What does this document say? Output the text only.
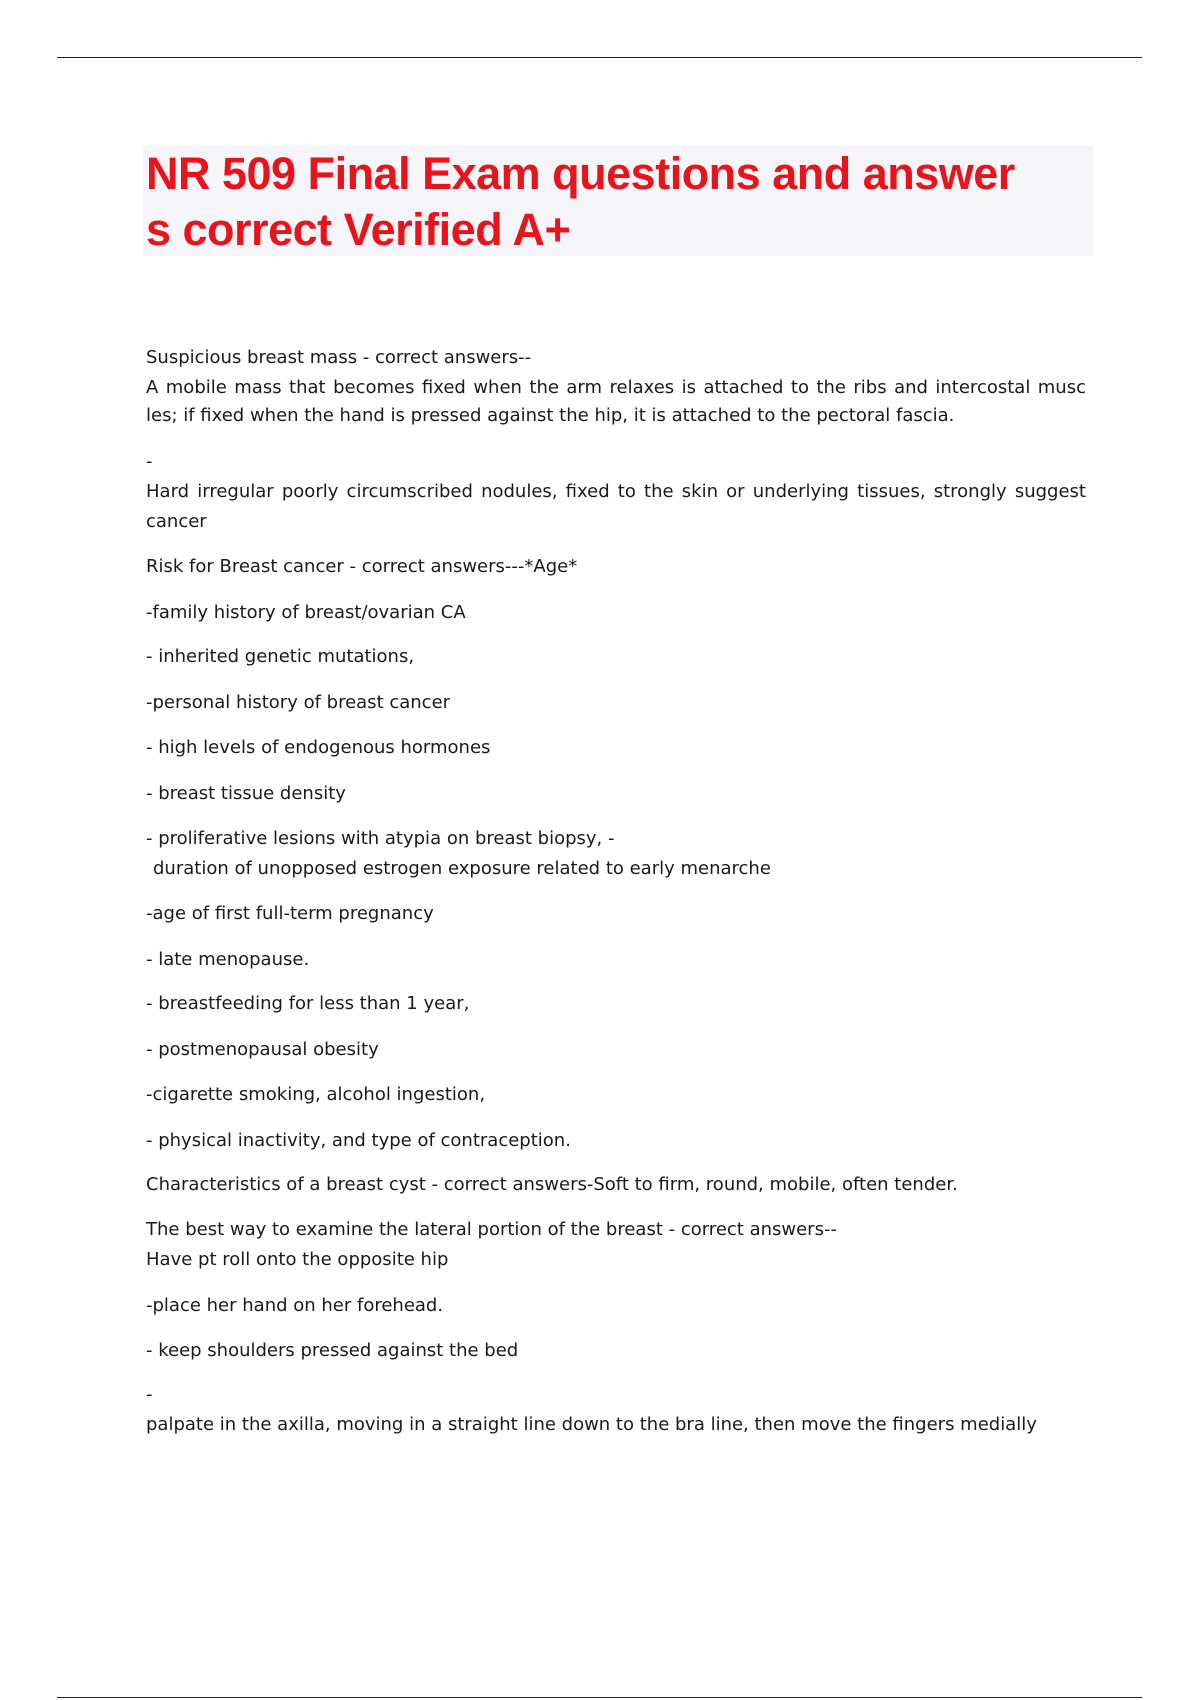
NR 509 Final Exam questions and answer
s correct Verified A+
Suspicious breast mass - correct answers--
A mobile mass that becomes fixed when the arm relaxes is attached to the ribs and intercostal musc
les; if fixed when the hand is pressed against the hip, it is attached to the pectoral fascia.
-
Hard irregular poorly circumscribed nodules, fixed to the skin or underlying tissues, strongly suggest
cancer
Risk for Breast cancer - correct answers---*Age*
-family history of breast/ovarian CA
- inherited genetic mutations,
-personal history of breast cancer
- high levels of endogenous hormones
- breast tissue density
- proliferative lesions with atypia on breast biopsy, -
duration of unopposed estrogen exposure related to early menarche
-age of first full-term pregnancy
- late menopause.
- breastfeeding for less than 1 year,
- postmenopausal obesity
-cigarette smoking, alcohol ingestion,
- physical inactivity, and type of contraception.
Characteristics of a breast cyst - correct answers-Soft to firm, round, mobile, often tender.
The best way to examine the lateral portion of the breast - correct answers--
Have pt roll onto the opposite hip
-place her hand on her forehead.
- keep shoulders pressed against the bed
-
palpate in the axilla, moving in a straight line down to the bra line, then move the fingers medially
